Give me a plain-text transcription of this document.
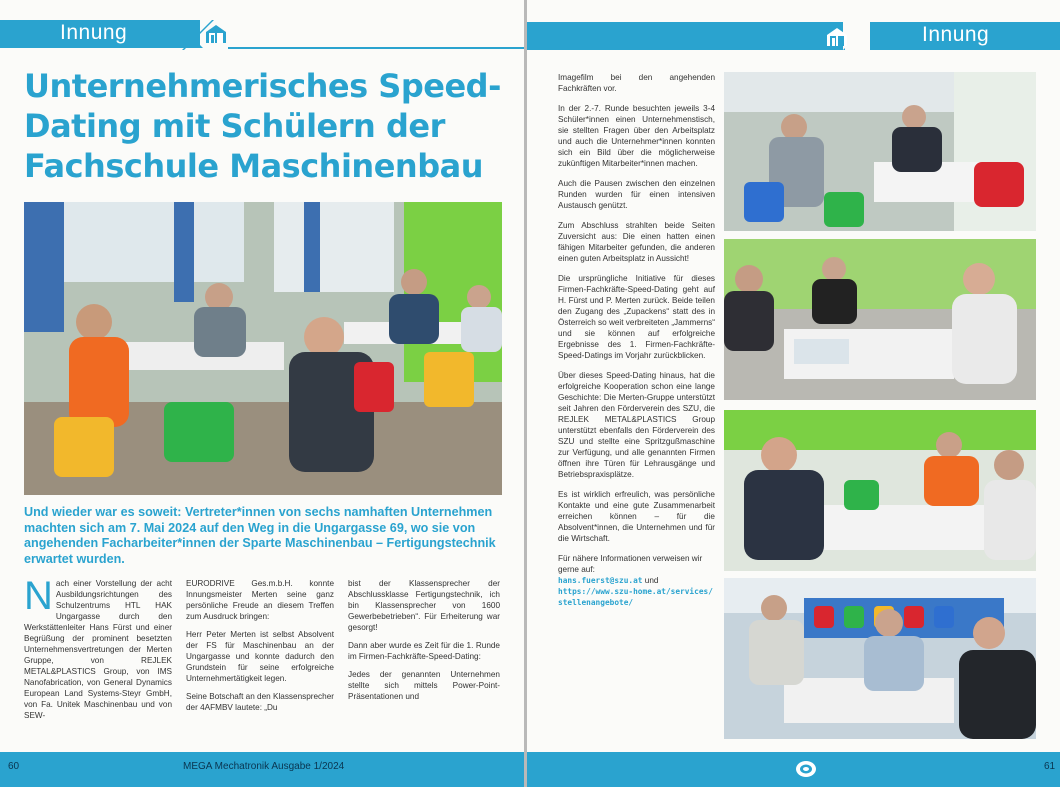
Innung
Unternehmerisches Speed-Dating mit Schülern der Fachschule Maschinenbau
Und wieder war es soweit: Vertreter*innen von sechs namhaften Unternehmen machten sich am 7. Mai 2024 auf den Weg in die Ungargasse 69, wo sie von angehenden Facharbeiter*innen der Sparte Maschinenbau – Fertigungstechnik erwartet wurden.
N ach einer Vorstellung der acht Ausbildungsrichtungen des Schulzentrums HTL HAK Ungargasse durch den Werkstättenleiter Hans Fürst und einer Begrüßung der prominent besetzten Unternehmensvertretungen der Merten Gruppe, von REJLEK METAL&PLASTICS Group, von IMS Nanofabrication, von General Dynamics European Land Systems-Steyr GmbH, von Fa. Unitek Maschinenbau und von SEW-

EURODRIVE Ges.m.b.H. konnte Innungsmeister Merten seine ganz persönliche Freude an diesem Treffen zum Ausdruck bringen:

Herr Peter Merten ist selbst Absolvent der FS für Maschinenbau an der Ungargasse und konnte dadurch den Grundstein für seine erfolgreiche Unternehmertätigkeit legen.

Seine Botschaft an den Klassensprecher der 4AFMBV lautete: „Du

bist der Klassensprecher der Abschlussklasse Fertigungstechnik, ich bin Klassensprecher von 1600 Gewerbebetrieben“. Für Erheiterung war gesorgt!

Dann aber wurde es Zeit für die 1. Runde im Firmen-Fachkräfte-Speed-Dating:

Jedes der genannten Unternehmen stellte sich mittels Power-Point-Präsentationen und

60	MEGA Mechatronik Ausgabe 1/2024
Innung

Imagefilm bei den angehenden Fachkräften vor.

In der 2.-7. Runde besuchten jeweils 3-4 Schüler*innen einen Unternehmenstisch, sie stellten Fragen über den Arbeitsplatz und auch die Unternehmer*innen konnten sich ein Bild über die möglicherweise zukünftigen Mitarbeiter*innen machen.

Auch die Pausen zwischen den einzelnen Runden wurden für einen intensiven Austausch genützt.

Zum Abschluss strahlten beide Seiten Zuversicht aus: Die einen hatten einen fähigen Mitarbeiter gefunden, die anderen einen guten Arbeitsplatz in Aussicht!

Die ursprüngliche Initiative für dieses Firmen-Fachkräfte-Speed-Dating geht auf H. Fürst und P. Merten zurück. Beide teilen den Zugang des „Zupackens“ statt des in Österreich so weit verbreiteten „Jammerns“ und sie können auf erfolgreiche Ergebnisse des 1. Firmen-Fachkräfte-Speed-Datings im Vorjahr zurückblicken.

Über dieses Speed-Dating hinaus, hat die erfolgreiche Kooperation schon eine lange Geschichte: Die Merten-Gruppe unterstützt seit Jahren den Förderverein des SZU, die REJLEK METAL&PLASTICS Group unterstützt ebenfalls den Förderverein des SZU und stellte eine Spritzgußmaschine zur Verfügung, und alle genannten Firmen öffnen ihre Türen für Lehrausgänge und Betriebspraxisplätze.

Es ist wirklich erfreulich, was persönliche Kontakte und eine gute Zusammenarbeit erreichen können – für die Absolvent*innen, die Unternehmen und für die Wirtschaft.

Für nähere Informationen verweisen wir gerne auf:
hans.fuerst@szu.at und
https://www.szu-home.at/services/stellenangebote/

61
